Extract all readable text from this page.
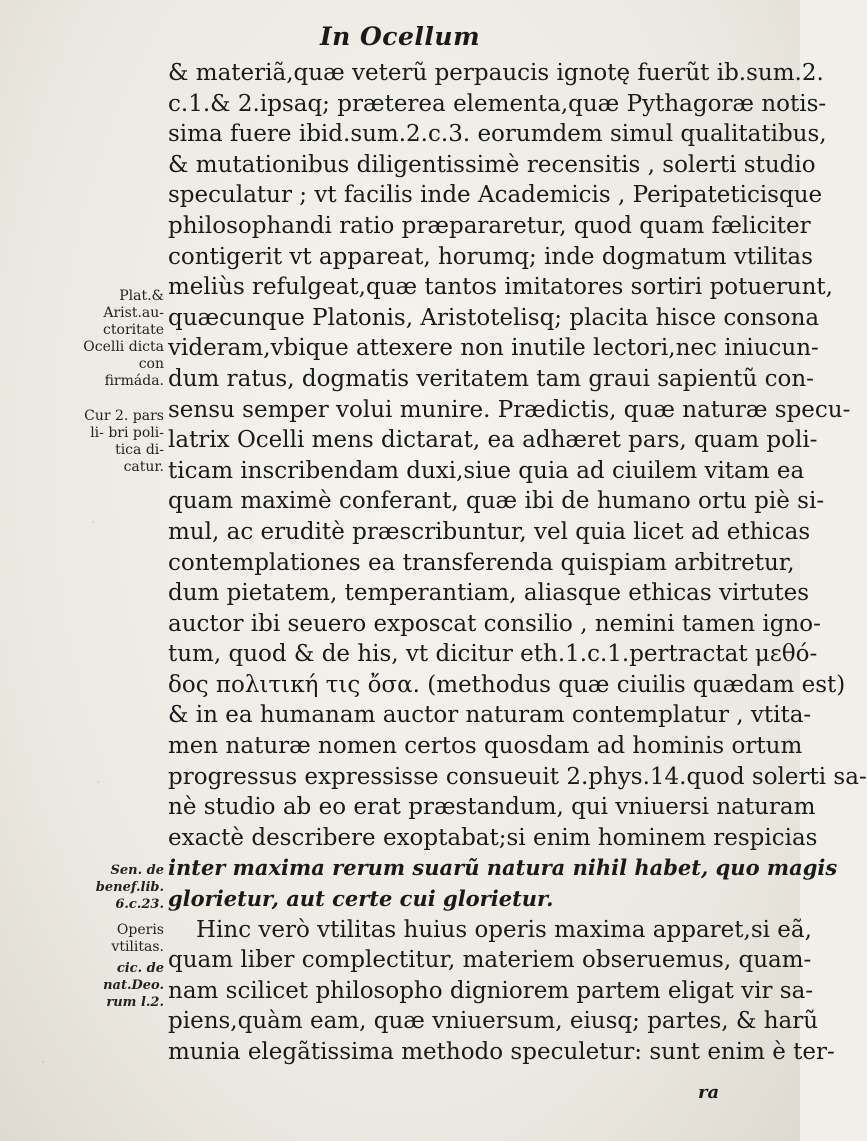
In Ocellum
·
·
·
Plat.& Arist.au- ctoritate Ocelli dicta con firmáda.
Cur 2. pars li- bri poli- tica di- catur.
Sen. de benef.lib. 6.c.23.
Operis vtilitas.
cic. de nat.Deo. rum l.2.
& materiã,quæ veterũ perpaucis ignotę fuerũt ib.sum.2.
c.1.& 2.ipsaq; prætereа elementa,quæ Pythagoræ notis-
sima fuere ibid.sum.2.c.3. eorumdem simul qualitatibus,
& mutationibus diligentissimè recensitis , solerti studio
speculatur ; vt facilis inde Academicis , Peripateticisque
philosophandi ratio præpararetur, quod quam fæliciter
contigerit vt appareat, horumq; inde dogmatum vtilitas
meliùs refulgeat,quæ tantos imitatores sortiri potuerunt,
quæcunque Platonis, Aristotelisq; placita hisce consona
videram,vbique attexere non inutile lectori,nec iniucun-
dum ratus, dogmatis veritatem tam graui sapientũ con-
sensu semper volui munire. Prædictis, quæ naturæ specu-
latrix Ocelli mens dictarat, ea adhæret pars, quam poli-
ticam inscribendam duxi,siue quia ad ciuilem vitam ea
quam maximè conferant, quæ ibi de humano ortu piè si-
mul, ac eruditè præscribuntur, vel quia licet ad ethicas
contemplationes ea transferenda quispiam arbitretur,
dum pietatem, temperantiam, aliasque ethicas virtutes
auctor ibi seuero exposcat consilio , nemini tamen igno-
tum, quod & de his, vt dicitur eth.1.c.1.pertractat μεθό-
δος πολιτική τις ὄσα. (methodus quæ ciuilis quædam est)
& in ea humanam auctor naturam contemplatur , vtita-
men naturæ nomen certos quosdam ad hominis ortum
progressus expressisse consueuit 2.phys.14.quod solerti sa-
nè studio ab eo erat præstandum, qui vniuersi naturam
exactè describere exoptabat;si enim hominem respicias
inter maxima rerum suarũ natura nihil habet, quo magis
glorietur, aut certe cui glorietur.
Hinc verò vtilitas huius operis maxima apparet,si eã,
quam liber complectitur, materiem obseruemus, quam-
nam scilicet philosopho digniorem partem eligat vir sa-
piens,quàm eam, quæ vniuersum, eiusq; partes, & harũ
munia elegãtissima methodo speculetur: sunt enim è ter-
ra
